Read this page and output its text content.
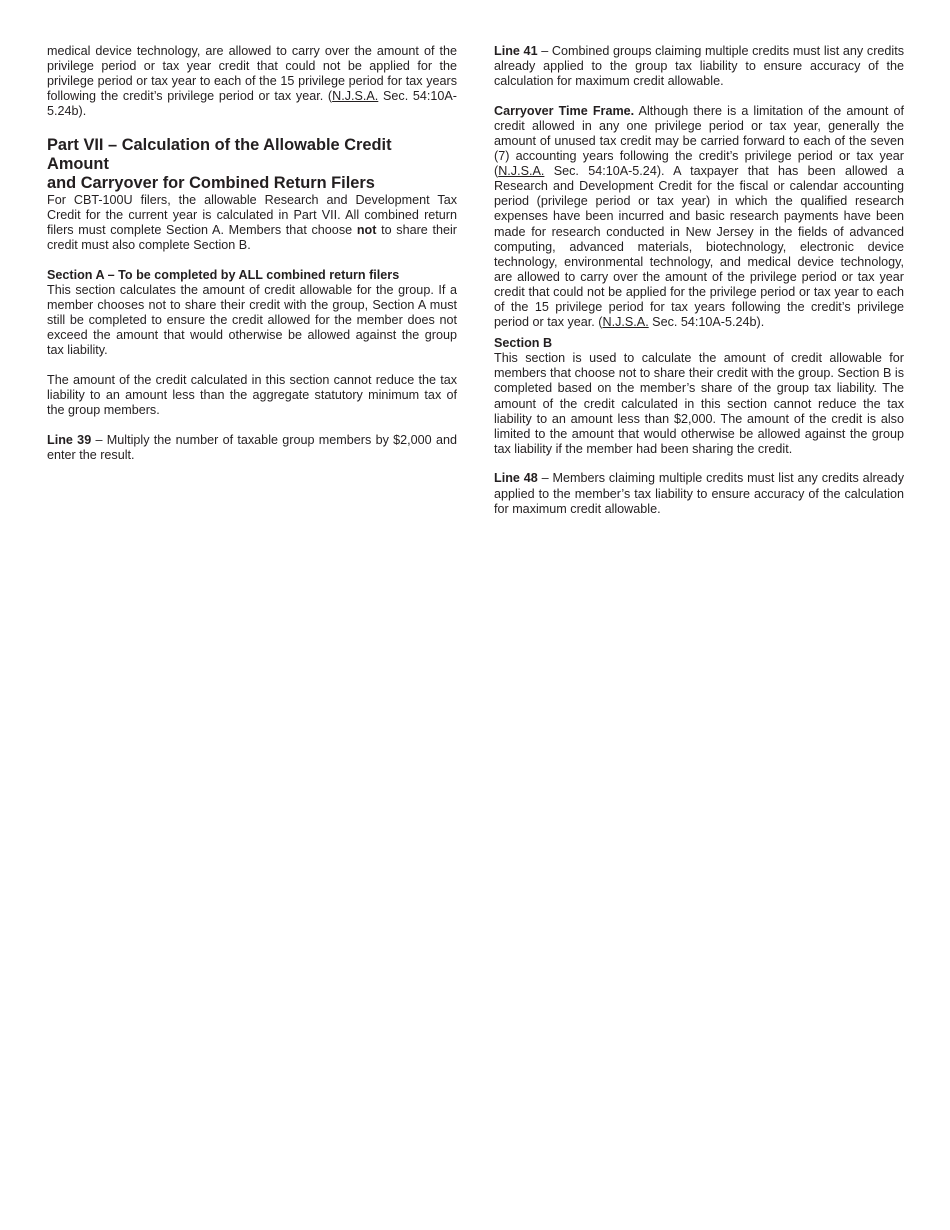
medical device technology, are allowed to carry over the amount of the privilege period or tax year credit that could not be applied for the privilege period or tax year to each of the 15 privilege period for tax years following the credit’s privilege period or tax year. (N.J.S.A. Sec. 54:10A-5.24b).

Part VII – Calculation of the Allowable Credit Amount
and Carryover for Combined Return Filers

For CBT-100U filers, the allowable Research and Development Tax Credit for the current year is calculated in Part VII. All combined return filers must complete Section A. Members that choose not to share their credit must also complete Section B.

Section A – To be completed by ALL combined return filers
This section calculates the amount of credit allowable for the group. If a member chooses not to share their credit with the group, Section A must still be completed to ensure the credit allowed for the member does not exceed the amount that would otherwise be allowed against the group tax liability.

The amount of the credit calculated in this section cannot reduce the tax liability to an amount less than the aggregate statutory minimum tax of the group members.

Line 39 – Multiply the number of taxable group members by $2,000 and enter the result.

Line 41 – Combined groups claiming multiple credits must list any credits already applied to the group tax liability to ensure accuracy of the calculation for maximum credit allowable.

Carryover Time Frame. Although there is a limitation of the amount of credit allowed in any one privilege period or tax year, generally the amount of unused tax credit may be carried forward to each of the seven (7) accounting years following the credit’s privilege period or tax year (N.J.S.A. Sec. 54:10A-5.24). A taxpayer that has been allowed a Research and Development Credit for the fiscal or calendar accounting period (privilege period or tax year) in which the qualified research expenses have been incurred and basic research payments have been made for research conducted in New Jersey in the fields of advanced computing, advanced materials, biotechnology, electronic device technology, environmental technology, and medical device technology, are allowed to carry over the amount of the privilege period or tax year credit that could not be applied for the privilege period or tax year to each of the 15 privilege period for tax years following the credit’s privilege period or tax year. (N.J.S.A. Sec. 54:10A-5.24b).

Section B
This section is used to calculate the amount of credit allowable for members that choose not to share their credit with the group. Section B is completed based on the member’s share of the group tax liability. The amount of the credit calculated in this section cannot reduce the tax liability to an amount less than $2,000. The amount of the credit is also limited to the amount that would otherwise be allowed against the group tax liability if the member had been sharing the credit.

Line 48 – Members claiming multiple credits must list any credits already applied to the member’s tax liability to ensure accuracy of the calculation for maximum credit allowable.
